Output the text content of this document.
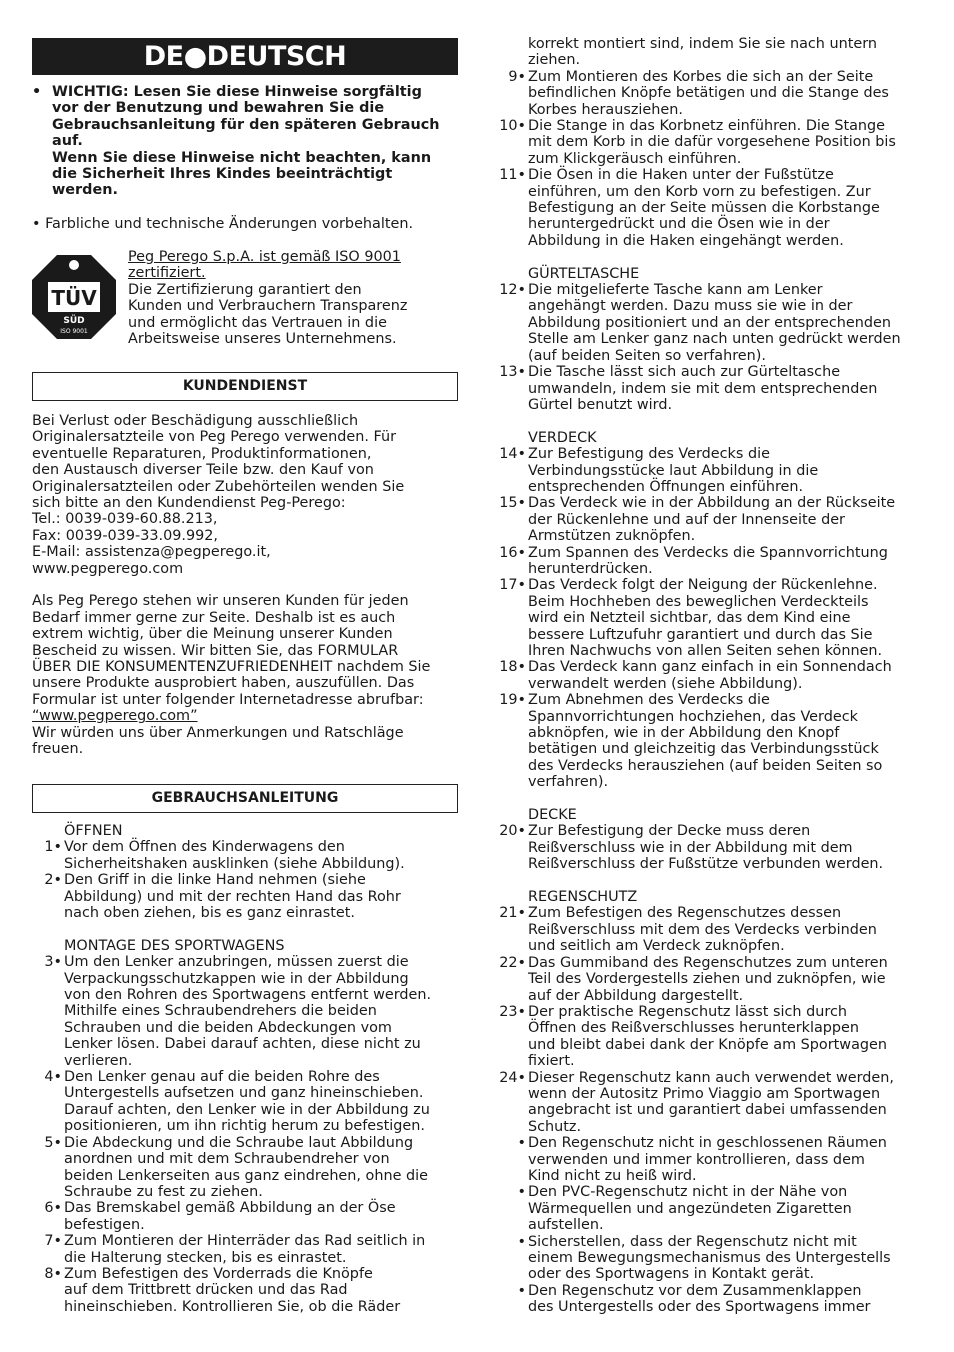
DE●DEUTSCH
• WICHTIG: Lesen Sie diese Hinweise sorgfältig
vor der Benutzung und bewahren Sie die
Gebrauchsanleitung für den späteren Gebrauch
auf.
Wenn Sie diese Hinweise nicht beachten, kann
die Sicherheit Ihres Kindes beeinträchtigt
werden.
• Farbliche und technische Änderungen vorbehalten.
TÜV
SÜD
ISO 9001
Peg Perego S.p.A. ist gemäß ISO 9001
zertifiziert.
Die Zertifizierung garantiert den
Kunden und Verbrauchern Transparenz
und ermöglicht das Vertrauen in die
Arbeitsweise unseres Unternehmens.
KUNDENDIENST
Bei Verlust oder Beschädigung ausschließlich
Originalersatzteile von Peg Perego verwenden. Für
eventuelle Reparaturen, Produktinformationen,
den Austausch diverser Teile bzw. den Kauf von
Originalersatzteilen oder Zubehörteilen wenden Sie
sich bitte an den Kundendienst Peg-Perego:
Tel.: 0039-039-60.88.213,
Fax: 0039-039-33.09.992,
E-Mail: assistenza@pegperego.it,
www.pegperego.com
Als Peg Perego stehen wir unseren Kunden für jeden
Bedarf immer gerne zur Seite. Deshalb ist es auch
extrem wichtig, über die Meinung unserer Kunden
Bescheid zu wissen. Wir bitten Sie, das FORMULAR
ÜBER DIE KONSUMENTENZUFRIEDENHEIT nachdem Sie
unsere Produkte ausprobiert haben, auszufüllen. Das
Formular ist unter folgender Internetadresse abrufbar:
“www.pegperego.com”
Wir würden uns über Anmerkungen und Ratschläge
freuen.
GEBRAUCHSANLEITUNG
ÖFFNEN
1• Vor dem Öffnen des Kinderwagens den
Sicherheitshaken ausklinken (siehe Abbildung).
2• Den Griff in die linke Hand nehmen (siehe
Abbildung) und mit der rechten Hand das Rohr
nach oben ziehen, bis es ganz einrastet.
MONTAGE DES SPORTWAGENS
3• Um den Lenker anzubringen, müssen zuerst die
Verpackungsschutzkappen wie in der Abbildung
von den Rohren des Sportwagens entfernt werden.
Mithilfe eines Schraubendrehers die beiden
Schrauben und die beiden Abdeckungen vom
Lenker lösen. Dabei darauf achten, diese nicht zu
verlieren.
4• Den Lenker genau auf die beiden Rohre des
Untergestells aufsetzen und ganz hineinschieben.
Darauf achten, den Lenker wie in der Abbildung zu
positionieren, um ihn richtig herum zu befestigen.
5• Die Abdeckung und die Schraube laut Abbildung
anordnen und mit dem Schraubendreher von
beiden Lenkerseiten aus ganz eindrehen, ohne die
Schraube zu fest zu ziehen.
6• Das Bremskabel gemäß Abbildung an der Öse
befestigen.
7• Zum Montieren der Hinterräder das Rad seitlich in
die Halterung stecken, bis es einrastet.
8• Zum Befestigen des Vorderrads die Knöpfe
auf dem Trittbrett drücken und das Rad
hineinschieben. Kontrollieren Sie, ob die Räder
korrekt montiert sind, indem Sie sie nach untern
ziehen.
9• Zum Montieren des Korbes die sich an der Seite
befindlichen Knöpfe betätigen und die Stange des
Korbes herausziehen.
10• Die Stange in das Korbnetz einführen. Die Stange
mit dem Korb in die dafür vorgesehene Position bis
zum Klickgeräusch einführen.
11• Die Ösen in die Haken unter der Fußstütze
einführen, um den Korb vorn zu befestigen. Zur
Befestigung an der Seite müssen die Korbstange
heruntergedrückt und die Ösen wie in der
Abbildung in die Haken eingehängt werden.
GÜRTELTASCHE
12• Die mitgelieferte Tasche kann am Lenker
angehängt werden. Dazu muss sie wie in der
Abbildung positioniert und an der entsprechenden
Stelle am Lenker ganz nach unten gedrückt werden
(auf beiden Seiten so verfahren).
13• Die Tasche lässt sich auch zur Gürteltasche
umwandeln, indem sie mit dem entsprechenden
Gürtel benutzt wird.
VERDECK
14• Zur Befestigung des Verdecks die
Verbindungsstücke laut Abbildung in die
entsprechenden Öffnungen einführen.
15• Das Verdeck wie in der Abbildung an der Rückseite
der Rückenlehne und auf der Innenseite der
Armstützen zuknöpfen.
16• Zum Spannen des Verdecks die Spannvorrichtung
herunterdrücken.
17• Das Verdeck folgt der Neigung der Rückenlehne.
Beim Hochheben des beweglichen Verdeckteils
wird ein Netzteil sichtbar, das dem Kind eine
bessere Luftzufuhr garantiert und durch das Sie
Ihren Nachwuchs von allen Seiten sehen können.
18• Das Verdeck kann ganz einfach in ein Sonnendach
verwandelt werden (siehe Abbildung).
19• Zum Abnehmen des Verdecks die
Spannvorrichtungen hochziehen, das Verdeck
abknöpfen, wie in der Abbildung den Knopf
betätigen und gleichzeitig das Verbindungsstück
des Verdecks herausziehen (auf beiden Seiten so
verfahren).
DECKE
20• Zur Befestigung der Decke muss deren
Reißverschluss wie in der Abbildung mit dem
Reißverschluss der Fußstütze verbunden werden.
REGENSCHUTZ
21• Zum Befestigen des Regenschutzes dessen
Reißverschluss mit dem des Verdecks verbinden
und seitlich am Verdeck zuknöpfen.
22• Das Gummiband des Regenschutzes zum unteren
Teil des Vordergestells ziehen und zuknöpfen, wie
auf der Abbildung dargestellt.
23• Der praktische Regenschutz lässt sich durch
Öffnen des Reißverschlusses herunterklappen
und bleibt dabei dank der Knöpfe am Sportwagen
fixiert.
24• Dieser Regenschutz kann auch verwendet werden,
wenn der Autositz Primo Viaggio am Sportwagen
angebracht ist und garantiert dabei umfassenden
Schutz.
• Den Regenschutz nicht in geschlossenen Räumen
verwenden und immer kontrollieren, dass dem
Kind nicht zu heiß wird.
• Den PVC-Regenschutz nicht in der Nähe von
Wärmequellen und angezündeten Zigaretten
aufstellen.
• Sicherstellen, dass der Regenschutz nicht mit
einem Bewegungsmechanismus des Untergestells
oder des Sportwagens in Kontakt gerät.
• Den Regenschutz vor dem Zusammenklappen
des Untergestells oder des Sportwagens immer
